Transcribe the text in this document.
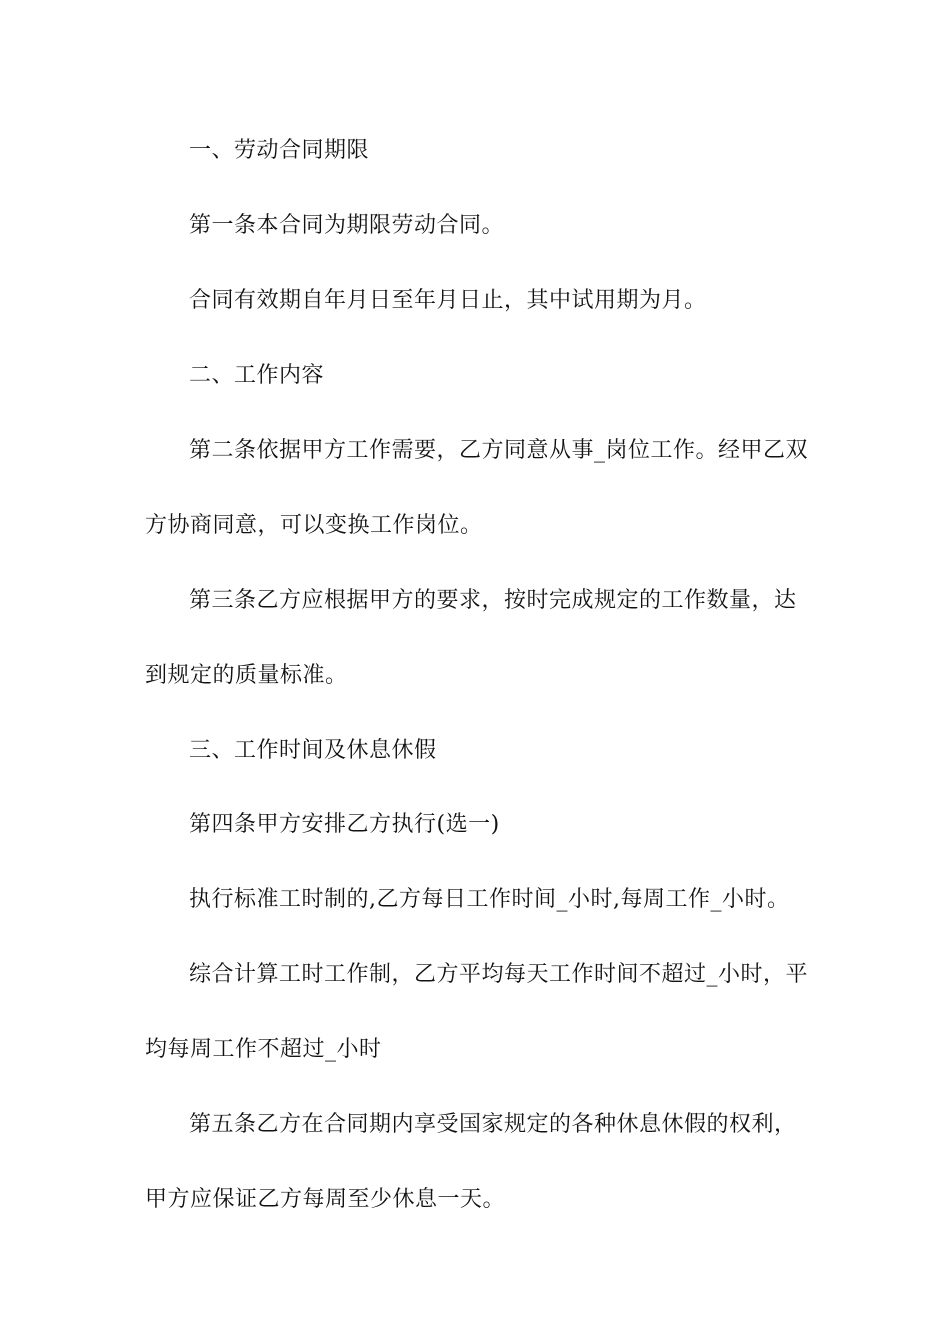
一、劳动合同期限
第一条本合同为期限劳动合同。
合同有效期自年月日至年月日止，其中试用期为月。
二、工作内容
第二条依据甲方工作需要，乙方同意从事_岗位工作。经甲乙双
方协商同意，可以变换工作岗位。
第三条乙方应根据甲方的要求，按时完成规定的工作数量，达
到规定的质量标准。
三、工作时间及休息休假
第四条甲方安排乙方执行(选一)
执行标准工时制的,乙方每日工作时间_小时,每周工作_小时。
综合计算工时工作制，乙方平均每天工作时间不超过_小时，平
均每周工作不超过_小时
第五条乙方在合同期内享受国家规定的各种休息休假的权利，
甲方应保证乙方每周至少休息一天。
